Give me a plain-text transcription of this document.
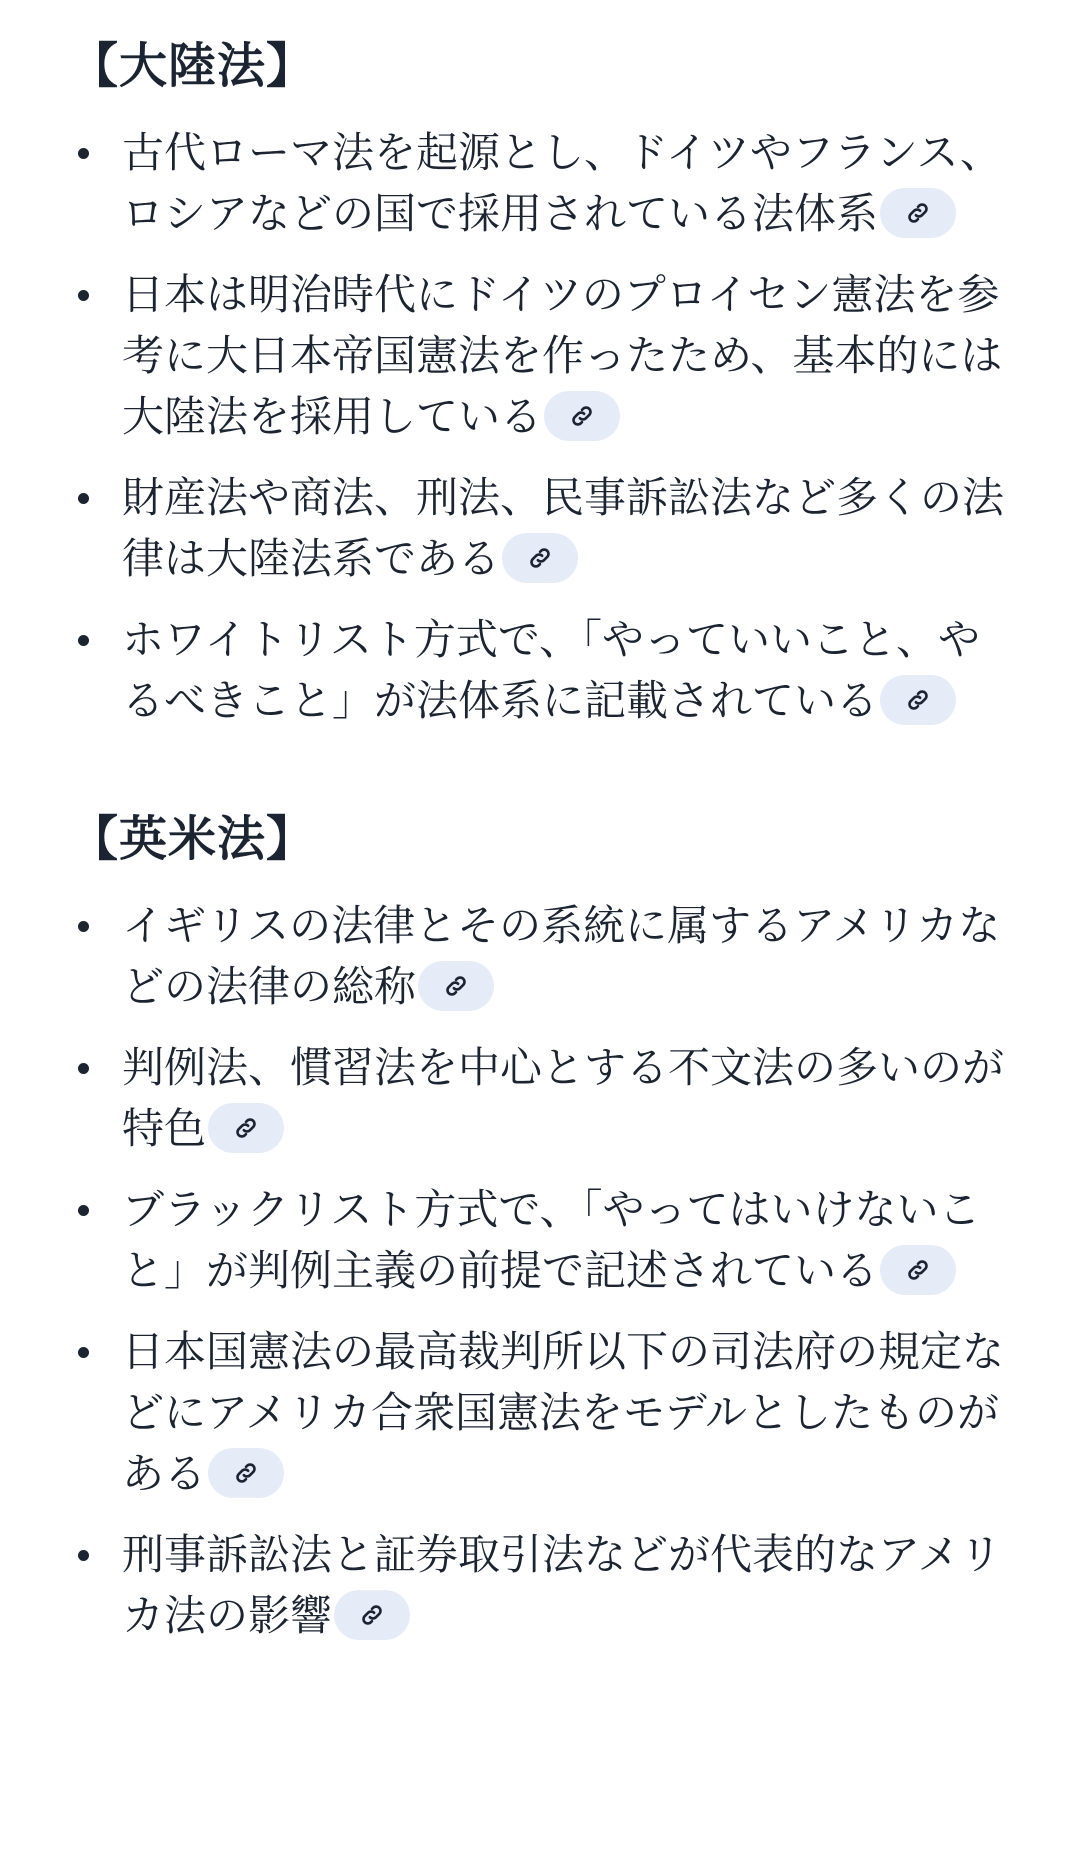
【大陸法】
古代ローマ法を起源とし、ドイツやフランス、ロシアなどの国で採用されている法体系
日本は明治時代にドイツのプロイセン憲法を参考に大日本帝国憲法を作ったため、基本的には大陸法を採用している
財産法や商法、刑法、民事訴訟法など多くの法律は大陸法系である
ホワイトリスト方式で、「やっていいこと、やるべきこと」が法体系に記載されている
【英米法】
イギリスの法律とその系統に属するアメリカなどの法律の総称
判例法、慣習法を中心とする不文法の多いのが特色
ブラックリスト方式で、「やってはいけないこと」が判例主義の前提で記述されている
日本国憲法の最高裁判所以下の司法府の規定などにアメリカ合衆国憲法をモデルとしたものがある
刑事訴訟法と証券取引法などが代表的なアメリカ法の影響
